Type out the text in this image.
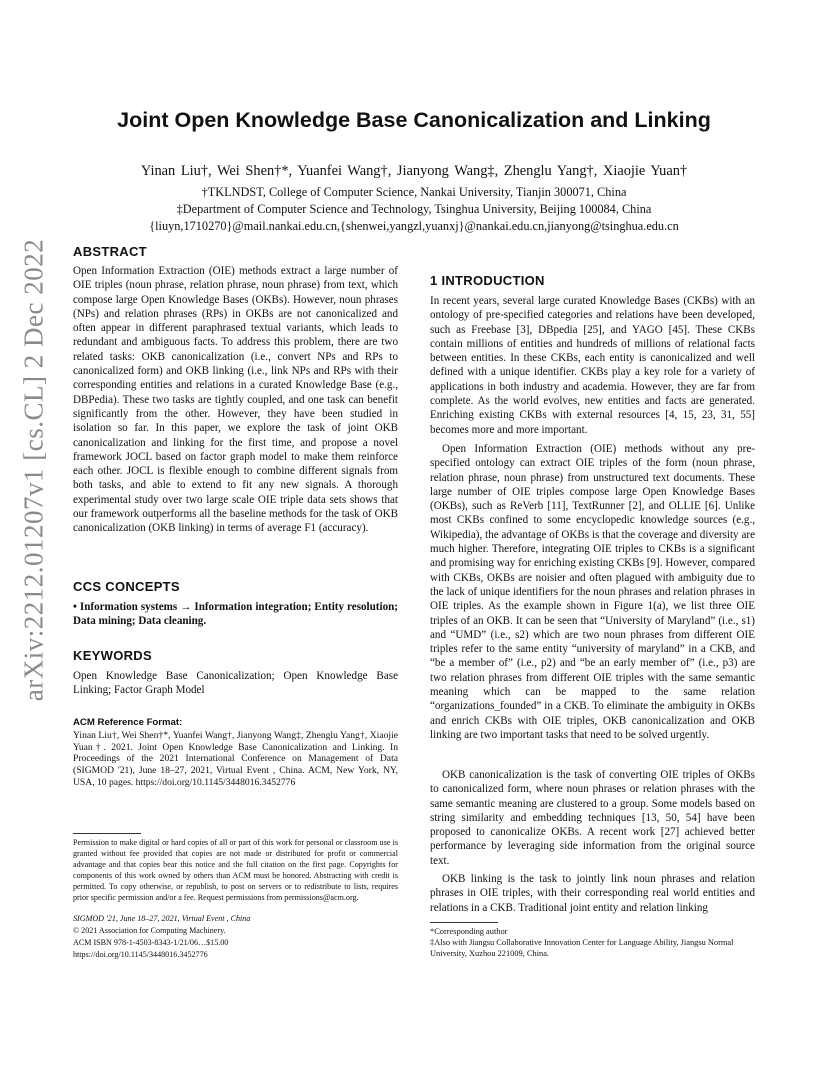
arXiv:2212.01207v1 [cs.CL] 2 Dec 2022
Joint Open Knowledge Base Canonicalization and Linking
Yinan Liu†, Wei Shen†*, Yuanfei Wang†, Jianyong Wang‡, Zhenglu Yang†, Xiaojie Yuan†
†TKLNDST, College of Computer Science, Nankai University, Tianjin 300071, China
‡Department of Computer Science and Technology, Tsinghua University, Beijing 100084, China
{liuyn,1710270}@mail.nankai.edu.cn,{shenwei,yangzl,yuanxj}@nankai.edu.cn,jianyong@tsinghua.edu.cn
ABSTRACT

Open Information Extraction (OIE) methods extract a large number of OIE triples (noun phrase, relation phrase, noun phrase) from text, which compose large Open Knowledge Bases (OKBs). However, noun phrases (NPs) and relation phrases (RPs) in OKBs are not canonicalized and often appear in different paraphrased textual variants, which leads to redundant and ambiguous facts. To address this problem, there are two related tasks: OKB canonicalization (i.e., convert NPs and RPs to canonicalized form) and OKB linking (i.e., link NPs and RPs with their corresponding entities and relations in a curated Knowledge Base (e.g., DBPedia). These two tasks are tightly coupled, and one task can benefit significantly from the other. However, they have been studied in isolation so far. In this paper, we explore the task of joint OKB canonicalization and linking for the first time, and propose a novel framework JOCL based on factor graph model to make them reinforce each other. JOCL is flexible enough to combine different signals from both tasks, and able to extend to fit any new signals. A thorough experimental study over two large scale OIE triple data sets shows that our framework outperforms all the baseline methods for the task of OKB canonicalization (OKB linking) in terms of average F1 (accuracy).

CCS CONCEPTS

• Information systems → Information integration; Entity resolution; Data mining; Data cleaning.

KEYWORDS

Open Knowledge Base Canonicalization; Open Knowledge Base Linking; Factor Graph Model

ACM Reference Format:

Yinan Liu†, Wei Shen†*, Yuanfei Wang†, Jianyong Wang‡, Zhenglu Yang†, Xiaojie Yuan†. 2021. Joint Open Knowledge Base Canonicalization and Linking. In Proceedings of the 2021 International Conference on Management of Data (SIGMOD '21), June 18–27, 2021, Virtual Event , China. ACM, New York, NY, USA, 10 pages. https://doi.org/10.1145/3448016.3452776

Permission to make digital or hard copies of all or part of this work for personal or classroom use is granted without fee provided that copies are not made or distributed for profit or commercial advantage and that copies bear this notice and the full citation on the first page. Copyrights for components of this work owned by others than ACM must be honored. Abstracting with credit is permitted. To copy otherwise, or republish, to post on servers or to redistribute to lists, requires prior specific permission and/or a fee. Request permissions from permissions@acm.org.
SIGMOD '21, June 18–27, 2021, Virtual Event , China
© 2021 Association for Computing Machinery.
ACM ISBN 978-1-4503-8343-1/21/06…$15.00
https://doi.org/10.1145/3448016.3452776
1 INTRODUCTION

In recent years, several large curated Knowledge Bases (CKBs) with an ontology of pre-specified categories and relations have been developed, such as Freebase [3], DBpedia [25], and YAGO [45]. These CKBs contain millions of entities and hundreds of millions of relational facts between entities. In these CKBs, each entity is canonicalized and well defined with a unique identifier. CKBs play a key role for a variety of applications in both industry and academia. However, they are far from complete. As the world evolves, new entities and facts are generated. Enriching existing CKBs with external resources [4, 15, 23, 31, 55] becomes more and more important.

Open Information Extraction (OIE) methods without any pre-specified ontology can extract OIE triples of the form (noun phrase, relation phrase, noun phrase) from unstructured text documents. These large number of OIE triples compose large Open Knowledge Bases (OKBs), such as ReVerb [11], TextRunner [2], and OLLIE [6]. Unlike most CKBs confined to some encyclopedic knowledge sources (e.g., Wikipedia), the advantage of OKBs is that the coverage and diversity are much higher. Therefore, integrating OIE triples to CKBs is a significant and promising way for enriching existing CKBs [9]. However, compared with CKBs, OKBs are noisier and often plagued with ambiguity due to the lack of unique identifiers for the noun phrases and relation phrases in OIE triples. As the example shown in Figure 1(a), we list three OIE triples of an OKB. It can be seen that “University of Maryland” (i.e., s1) and “UMD” (i.e., s2) which are two noun phrases from different OIE triples refer to the same entity “university of maryland” in a CKB, and “be a member of” (i.e., p2) and “be an early member of” (i.e., p3) are two relation phrases from different OIE triples with the same semantic meaning which can be mapped to the same relation “organizations_founded” in a CKB. To eliminate the ambiguity in OKBs and enrich CKBs with OIE triples, OKB canonicalization and OKB linking are two important tasks that need to be solved urgently.

OKB canonicalization is the task of converting OIE triples of OKBs to canonicalized form, where noun phrases or relation phrases with the same semantic meaning are clustered to a group. Some models based on string similarity and embedding techniques [13, 50, 54] have been proposed to canonicalize OKBs. A recent work [27] achieved better performance by leveraging side information from the original source text.

OKB linking is the task to jointly link noun phrases and relation phrases in OIE triples, with their corresponding real world entities and relations in a CKB. Traditional joint entity and relation linking

*Corresponding author
‡Also with Jiangsu Collaborative Innovation Center for Language Ability, Jiangsu Normal University, Xuzhou 221009, China.
